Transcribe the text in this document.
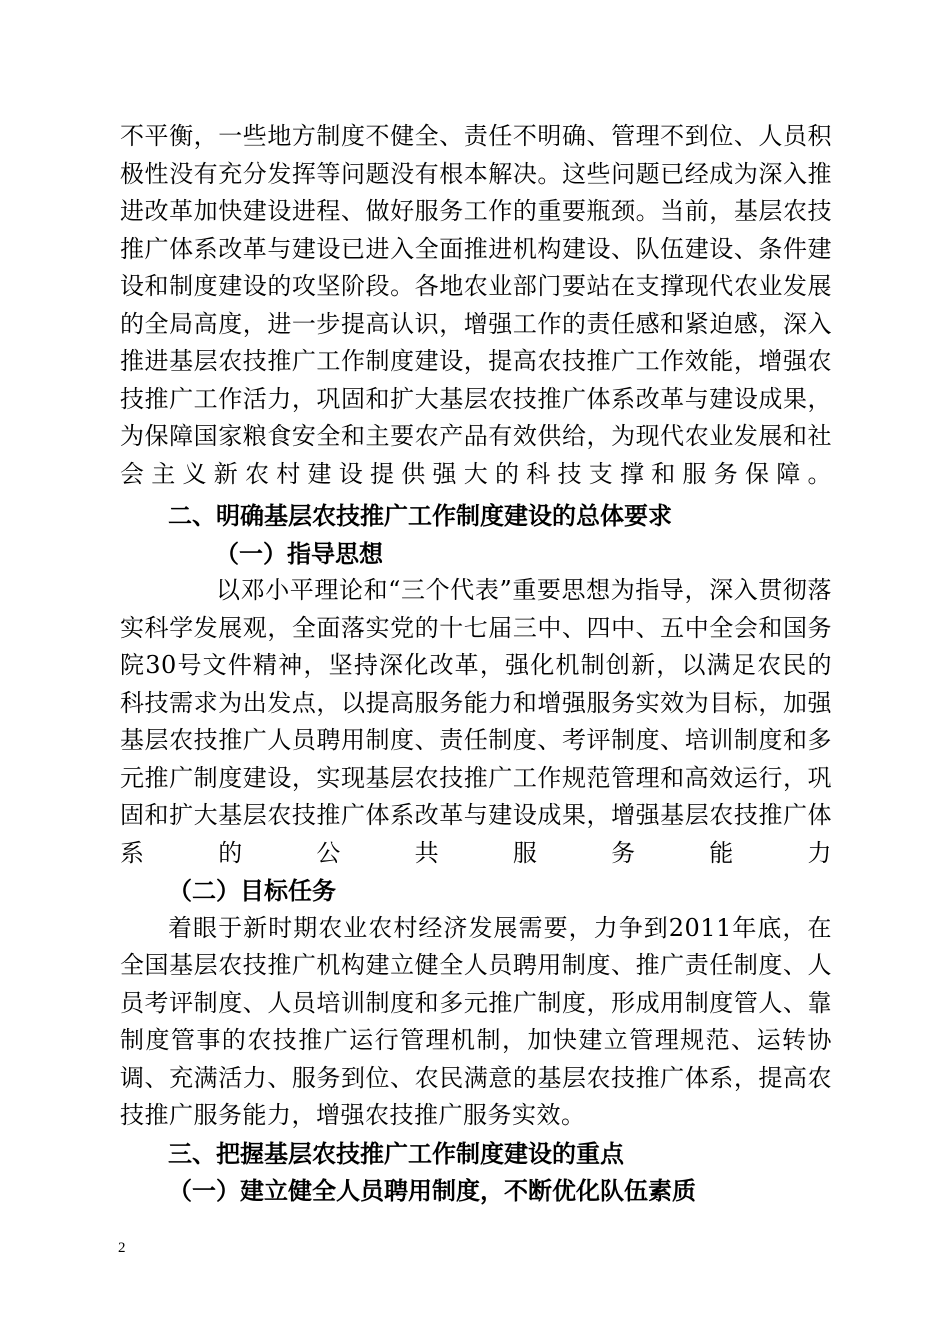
不平衡，一些地方制度不健全、责任不明确、管理不到位、人员积极性没有充分发挥等问题没有根本解决。这些问题已经成为深入推进改革加快建设进程、做好服务工作的重要瓶颈。当前，基层农技推广体系改革与建设已进入全面推进机构建设、队伍建设、条件建设和制度建设的攻坚阶段。各地农业部门要站在支撑现代农业发展的全局高度，进一步提高认识，增强工作的责任感和紧迫感，深入推进基层农技推广工作制度建设，提高农技推广工作效能，增强农技推广工作活力，巩固和扩大基层农技推广体系改革与建设成果，为保障国家粮食安全和主要农产品有效供给，为现代农业发展和社会主义新农村建设提供强大的科技支撑和服务保障。

二、明确基层农技推广工作制度建设的总体要求

（一）指导思想

以邓小平理论和“三个代表”重要思想为指导，深入贯彻落实科学发展观，全面落实党的十七届三中、四中、五中全会和国务院30号文件精神，坚持深化改革，强化机制创新，以满足农民的科技需求为出发点，以提高服务能力和增强服务实效为目标，加强基层农技推广人员聘用制度、责任制度、考评制度、培训制度和多元推广制度建设，实现基层农技推广工作规范管理和高效运行，巩固和扩大基层农技推广体系改革与建设成果，增强基层农技推广体系的公共服务能力

（二）目标任务

着眼于新时期农业农村经济发展需要，力争到2011年底，在全国基层农技推广机构建立健全人员聘用制度、推广责任制度、人员考评制度、人员培训制度和多元推广制度，形成用制度管人、靠制度管事的农技推广运行管理机制，加快建立管理规范、运转协调、充满活力、服务到位、农民满意的基层农技推广体系，提高农技推广服务能力，增强农技推广服务实效。

三、把握基层农技推广工作制度建设的重点

（一）建立健全人员聘用制度，不断优化队伍素质

2
